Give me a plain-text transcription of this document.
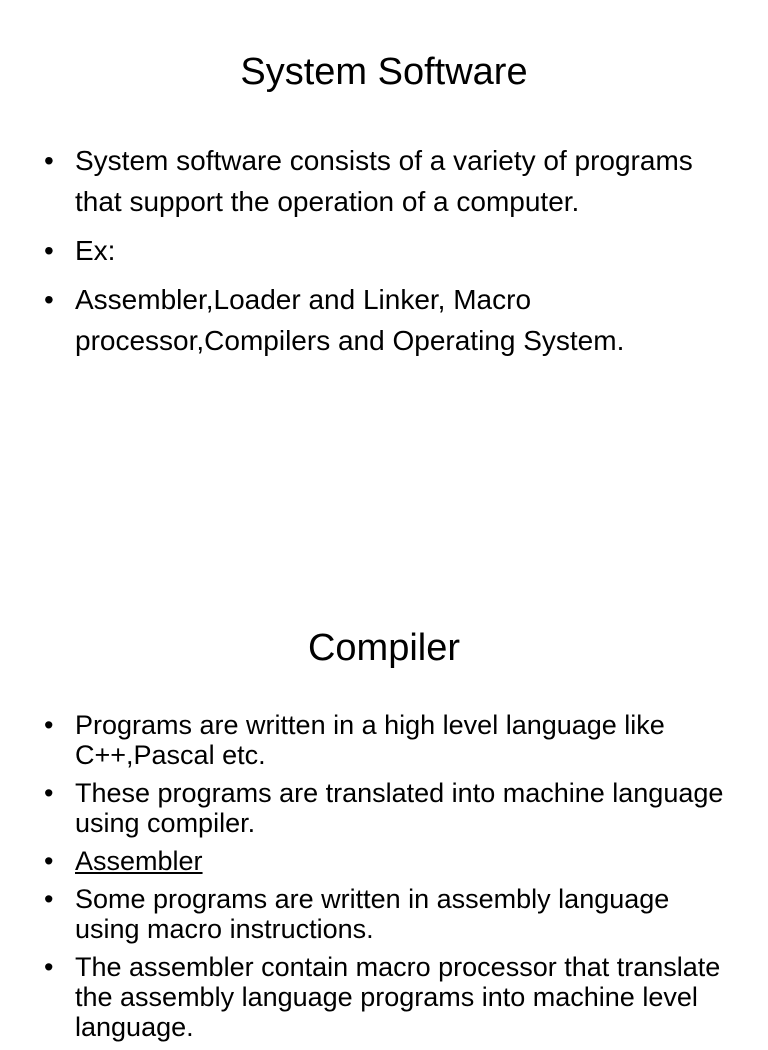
System Software
• System software consists of a variety of programs that support the operation of a computer.
• Ex:
• Assembler,Loader and Linker, Macro processor,Compilers and Operating System.
Compiler
• Programs are written in a high level language like C++,Pascal etc.
• These programs are translated into machine language using compiler.
• Assembler
• Some programs are written in assembly language using macro instructions.
• The assembler contain macro processor that translate the assembly language programs into machine level language.
